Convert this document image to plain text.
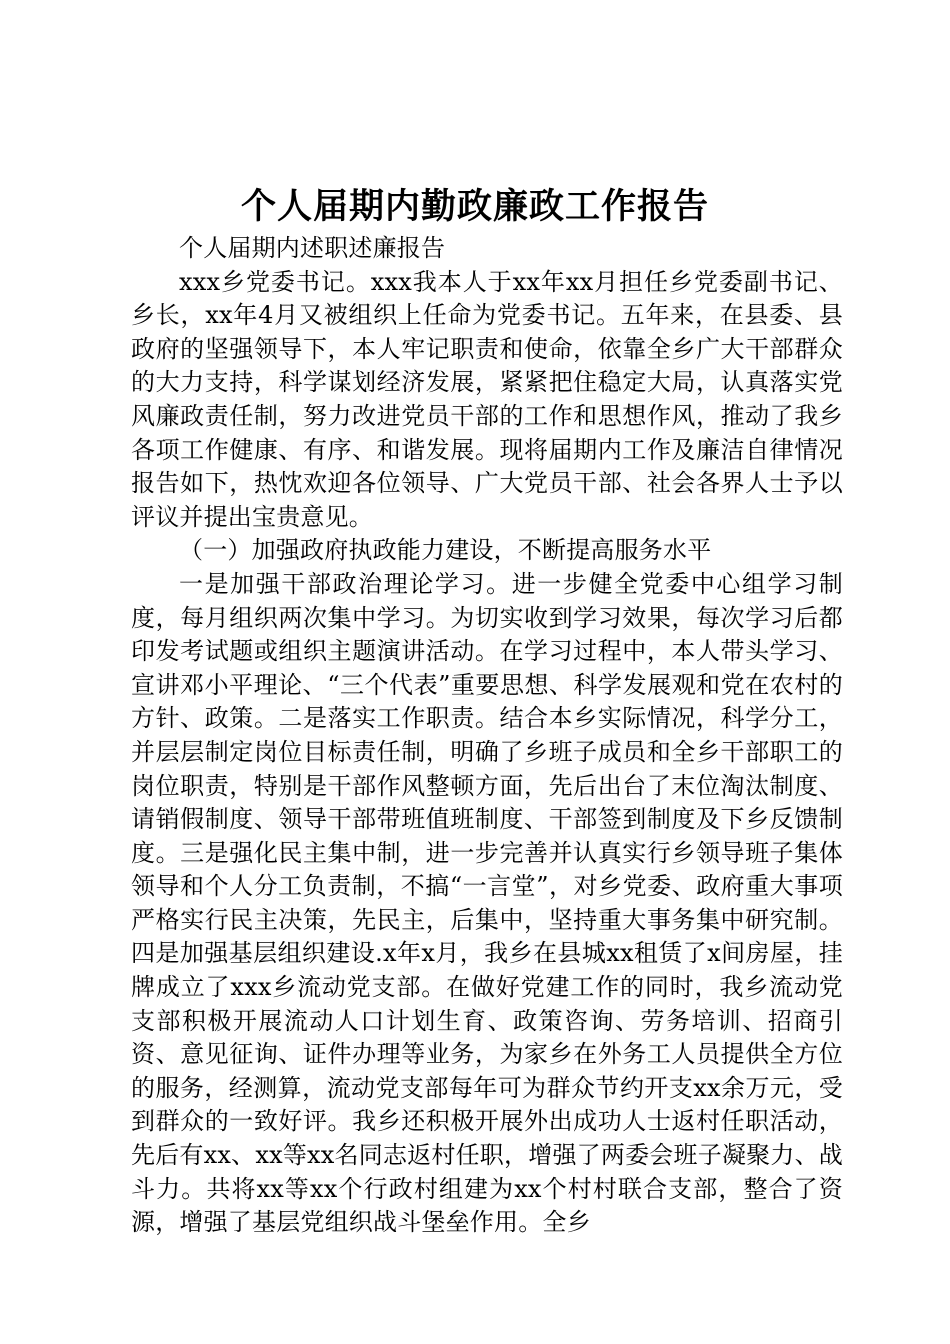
个人届期内勤政廉政工作报告

个人届期内述职述廉报告

xxx乡党委书记。xxx我本人于xx年xx月担任乡党委副书记、乡长，xx年4月又被组织上任命为党委书记。五年来，在县委、县政府的坚强领导下，本人牢记职责和使命，依靠全乡广大干部群众的大力支持，科学谋划经济发展，紧紧把住稳定大局，认真落实党风廉政责任制，努力改进党员干部的工作和思想作风，推动了我乡各项工作健康、有序、和谐发展。现将届期内工作及廉洁自律情况报告如下，热忱欢迎各位领导、广大党员干部、社会各界人士予以评议并提出宝贵意见。

（一）加强政府执政能力建设，不断提高服务水平

一是加强干部政治理论学习。进一步健全党委中心组学习制度，每月组织两次集中学习。为切实收到学习效果，每次学习后都印发考试题或组织主题演讲活动。在学习过程中，本人带头学习、宣讲邓小平理论、“三个代表”重要思想、科学发展观和党在农村的方针、政策。二是落实工作职责。结合本乡实际情况，科学分工，并层层制定岗位目标责任制，明确了乡班子成员和全乡干部职工的岗位职责，特别是干部作风整顿方面，先后出台了末位淘汰制度、请销假制度、领导干部带班值班制度、干部签到制度及下乡反馈制度。三是强化民主集中制，进一步完善并认真实行乡领导班子集体领导和个人分工负责制，不搞“一言堂”，对乡党委、政府重大事项严格实行民主决策，先民主，后集中，坚持重大事务集中研究制。四是加强基层组织建设.x年x月，我乡在县城xx租赁了x间房屋，挂牌成立了xxx乡流动党支部。在做好党建工作的同时，我乡流动党支部积极开展流动人口计划生育、政策咨询、劳务培训、招商引资、意见征询、证件办理等业务，为家乡在外务工人员提供全方位的服务，经测算，流动党支部每年可为群众节约开支xx余万元，受到群众的一致好评。我乡还积极开展外出成功人士返村任职活动，先后有xx、xx等xx名同志返村任职，增强了两委会班子凝聚力、战斗力。共将xx等xx个行政村组建为xx个村村联合支部，整合了资源，增强了基层党组织战斗堡垒作用。全乡
